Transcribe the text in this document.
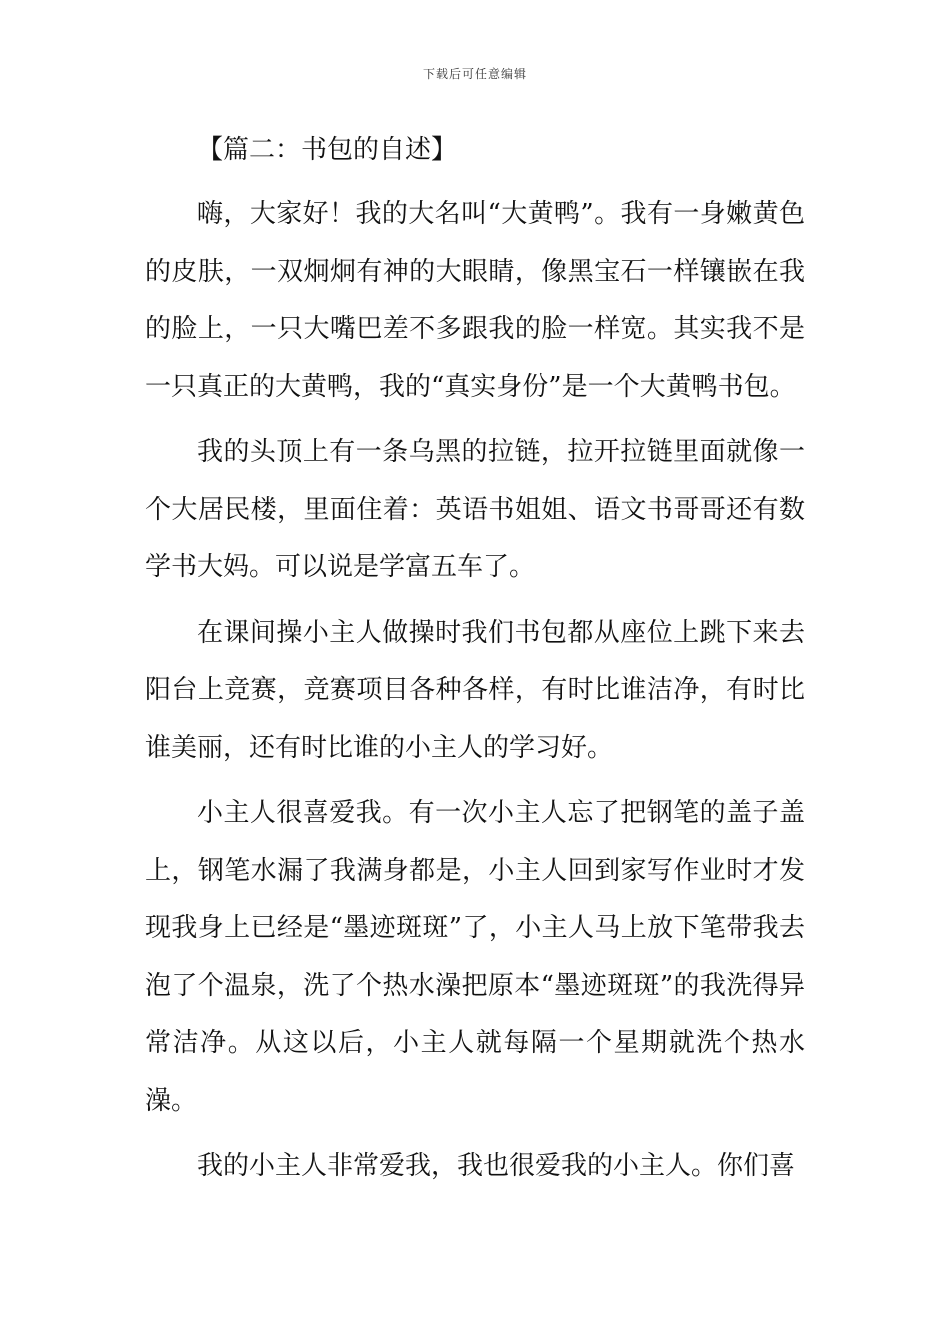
下载后可任意编辑
【篇二：书包的自述】

嗨，大家好！我的大名叫“大黄鸭”。我有一身嫩黄色的皮肤，一双炯炯有神的大眼睛，像黑宝石一样镶嵌在我的脸上，一只大嘴巴差不多跟我的脸一样宽。其实我不是一只真正的大黄鸭，我的“真实身份”是一个大黄鸭书包。

我的头顶上有一条乌黑的拉链，拉开拉链里面就像一个大居民楼，里面住着：英语书姐姐、语文书哥哥还有数学书大妈。可以说是学富五车了。

在课间操小主人做操时我们书包都从座位上跳下来去阳台上竞赛，竞赛项目各种各样，有时比谁洁净，有时比谁美丽，还有时比谁的小主人的学习好。

小主人很喜爱我。有一次小主人忘了把钢笔的盖子盖上，钢笔水漏了我满身都是，小主人回到家写作业时才发现我身上已经是“墨迹斑斑”了，小主人马上放下笔带我去泡了个温泉，洗了个热水澡把原本“墨迹斑斑”的我洗得异常洁净。从这以后，小主人就每隔一个星期就洗个热水澡。

我的小主人非常爱我，我也很爱我的小主人。你们喜
